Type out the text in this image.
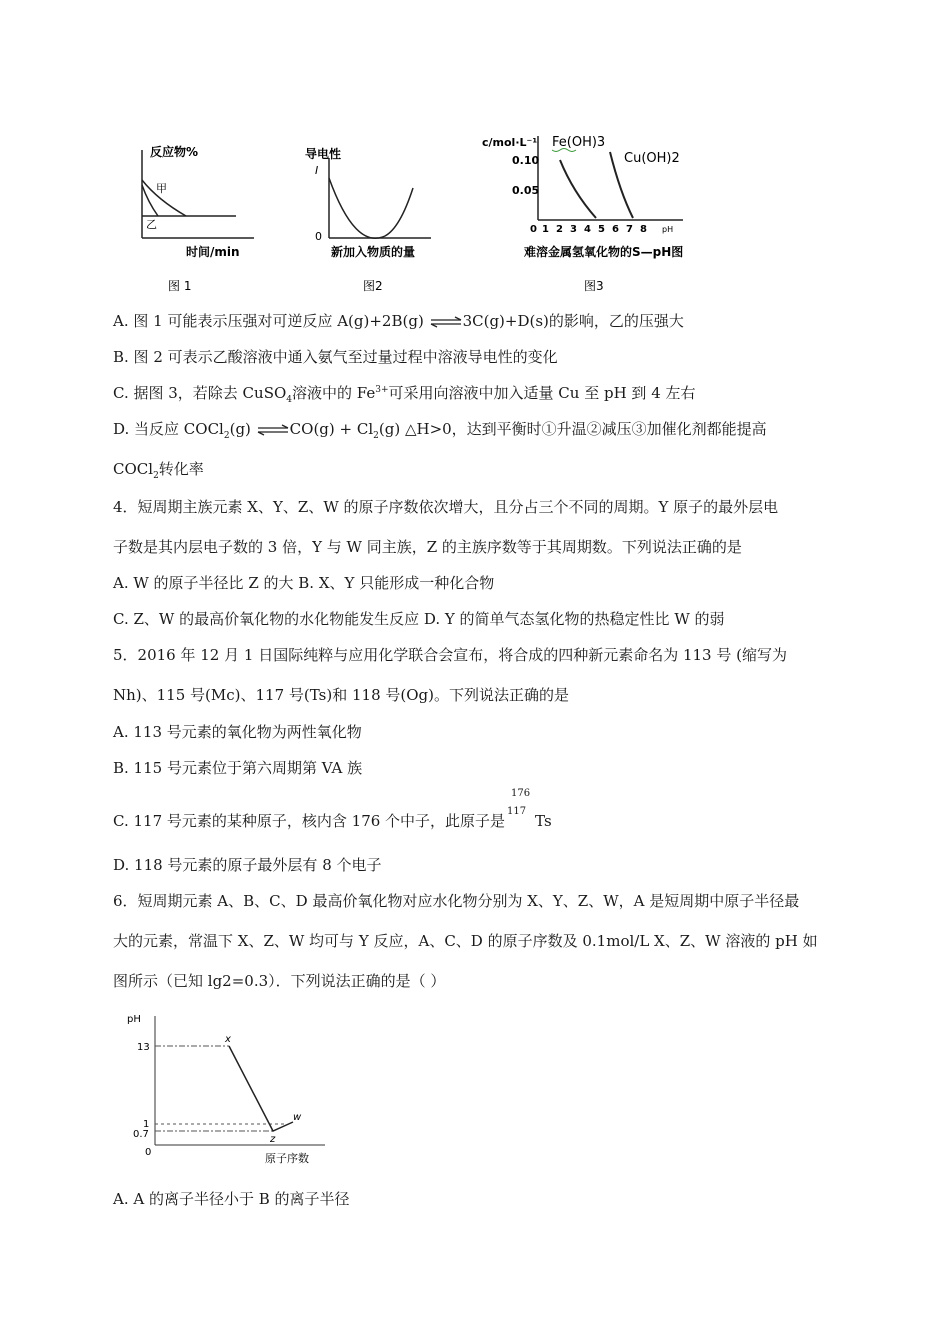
反应物%
甲
乙
时间/min
图 1
导电性
I
0
新加入物质的量
图2
c/mol·L⁻¹ Fe(OH)3
Cu(OH)2
0.10
0.05
0 1 2 3 4 5 6 7 8 pH
难溶金属氢氧化物的S—pH图
图3
A. 图 1 可能表示压强对可逆反应 A(g)+2B(g) ⇌3C(g)+D(s)的影响，乙的压强大
B. 图 2 可表示乙酸溶液中通入氨气至过量过程中溶液导电性的变化
C. 据图 3，若除去 CuSO$_4$溶液中的 $Fe^{3+}$可采用向溶液中加入适量 Cu 至 pH 到 4 左右
D. 当反应 COCl$_2$(g) ⇌CO(g) + $Cl_2(g)$ △H>0，达到平衡时①升温②减压③加催化剂都能提高
COCl$_2$转化率
4．短周期主族元素 X、Y、Z、W 的原子序数依次增大，且分占三个不同的周期。Y 原子的最外层电
子数是其内层电子数的 3 倍，Y 与 W 同主族，Z 的主族序数等于其周期数。下列说法正确的是
A. W 的原子半径比 Z 的大 B. X、Y 只能形成一种化合物
C. Z、W 的最高价氧化物的水化物能发生反应 D. Y 的简单气态氢化物的热稳定性比 W 的弱
5．2016 年 12 月 1 日国际纯粹与应用化学联合会宣布，将合成的四种新元素命名为 113 号 (缩写为
Nh)、115 号(Mc)、117 号(Ts)和 118 号(Og)。下列说法正确的是
A. 113 号元素的氧化物为两性氧化物
B. 115 号元素位于第六周期第 VA 族
C. 117 号元素的某种原子，核内含 176 个中子，此原子是
176
117
Ts
D. 118 号元素的原子最外层有 8 个电子
6．短周期元素 A、B、C、D 最高价氧化物对应水化物分别为 X、Y、Z、W，A 是短周期中原子半径最
大的元素，常温下 X、Z、W 均可与 Y 反应，A、C、D 的原子序数及 0.1mol/L X、Z、W 溶液的 pH 如
图所示（已知 lg2=0.3）．下列说法正确的是（ ）
pH
13
1
0.7
0
x
w
z
原子序数
A. A 的离子半径小于 B 的离子半径
